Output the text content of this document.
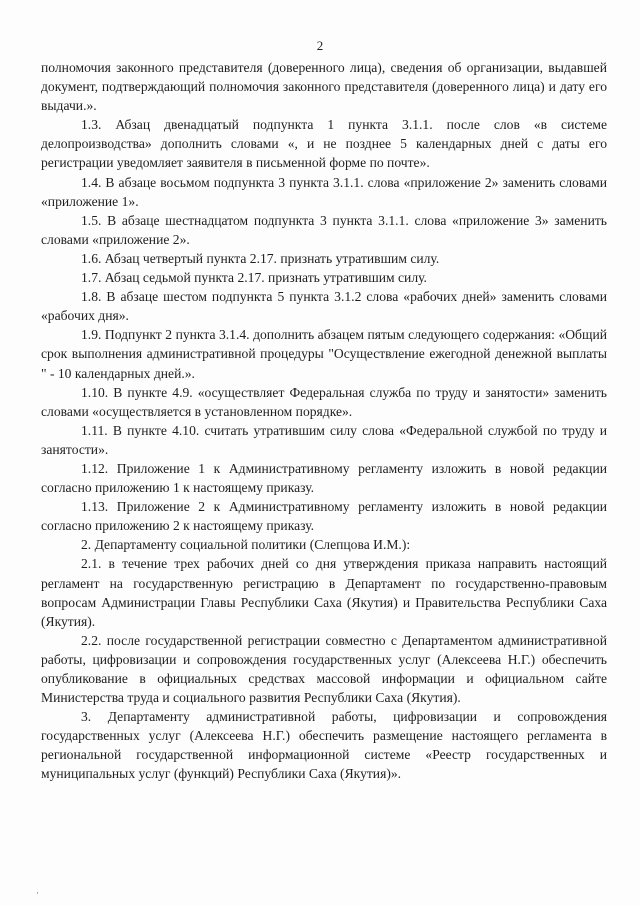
2

полномочия законного представителя (доверенного лица), сведения об организации, выдавшей документ, подтверждающий полномочия законного представителя (доверенного лица) и дату его выдачи.».

1.3. Абзац двенадцатый подпункта 1 пункта 3.1.1. после слов «в системе делопроизводства» дополнить словами «, и не позднее 5 календарных дней с даты его регистрации уведомляет заявителя в письменной форме по почте».

1.4. В абзаце восьмом подпункта 3 пункта 3.1.1. слова «приложение 2» заменить словами «приложение 1».

1.5. В абзаце шестнадцатом подпункта 3 пункта 3.1.1. слова «приложение 3» заменить словами «приложение 2».

1.6. Абзац четвертый пункта 2.17. признать утратившим силу.

1.7. Абзац седьмой пункта 2.17. признать утратившим силу.

1.8. В абзаце шестом подпункта 5 пункта 3.1.2 слова «рабочих дней» заменить словами «рабочих дня».

1.9. Подпункт 2 пункта 3.1.4. дополнить абзацем пятым следующего содержания: «Общий срок выполнения административной процедуры "Осуществление ежегодной денежной выплаты " - 10 календарных дней.».

1.10. В пункте 4.9. «осуществляет Федеральная служба по труду и занятости» заменить словами «осуществляется в установленном порядке».

1.11. В пункте 4.10. считать утратившим силу слова «Федеральной службой по труду и занятости».

1.12. Приложение 1 к Административному регламенту изложить в новой редакции согласно приложению 1 к настоящему приказу.

1.13. Приложение 2 к Административному регламенту изложить в новой редакции согласно приложению 2 к настоящему приказу.

2. Департаменту социальной политики (Слепцова И.М.):

2.1. в течение трех рабочих дней со дня утверждения приказа направить настоящий регламент на государственную регистрацию в Департамент по государственно-правовым вопросам Администрации Главы Республики Саха (Якутия) и Правительства Республики Саха (Якутия).

2.2. после государственной регистрации совместно с Департаментом административной работы, цифровизации и сопровождения государственных услуг (Алексеева Н.Г.) обеспечить опубликование в официальных средствах массовой информации и официальном сайте Министерства труда и социального развития Республики Саха (Якутия).

3. Департаменту административной работы, цифровизации и сопровождения государственных услуг (Алексеева Н.Г.) обеспечить размещение настоящего регламента в региональной государственной информационной системе «Реестр государственных и муниципальных услуг (функций) Республики Саха (Якутия)».

·
